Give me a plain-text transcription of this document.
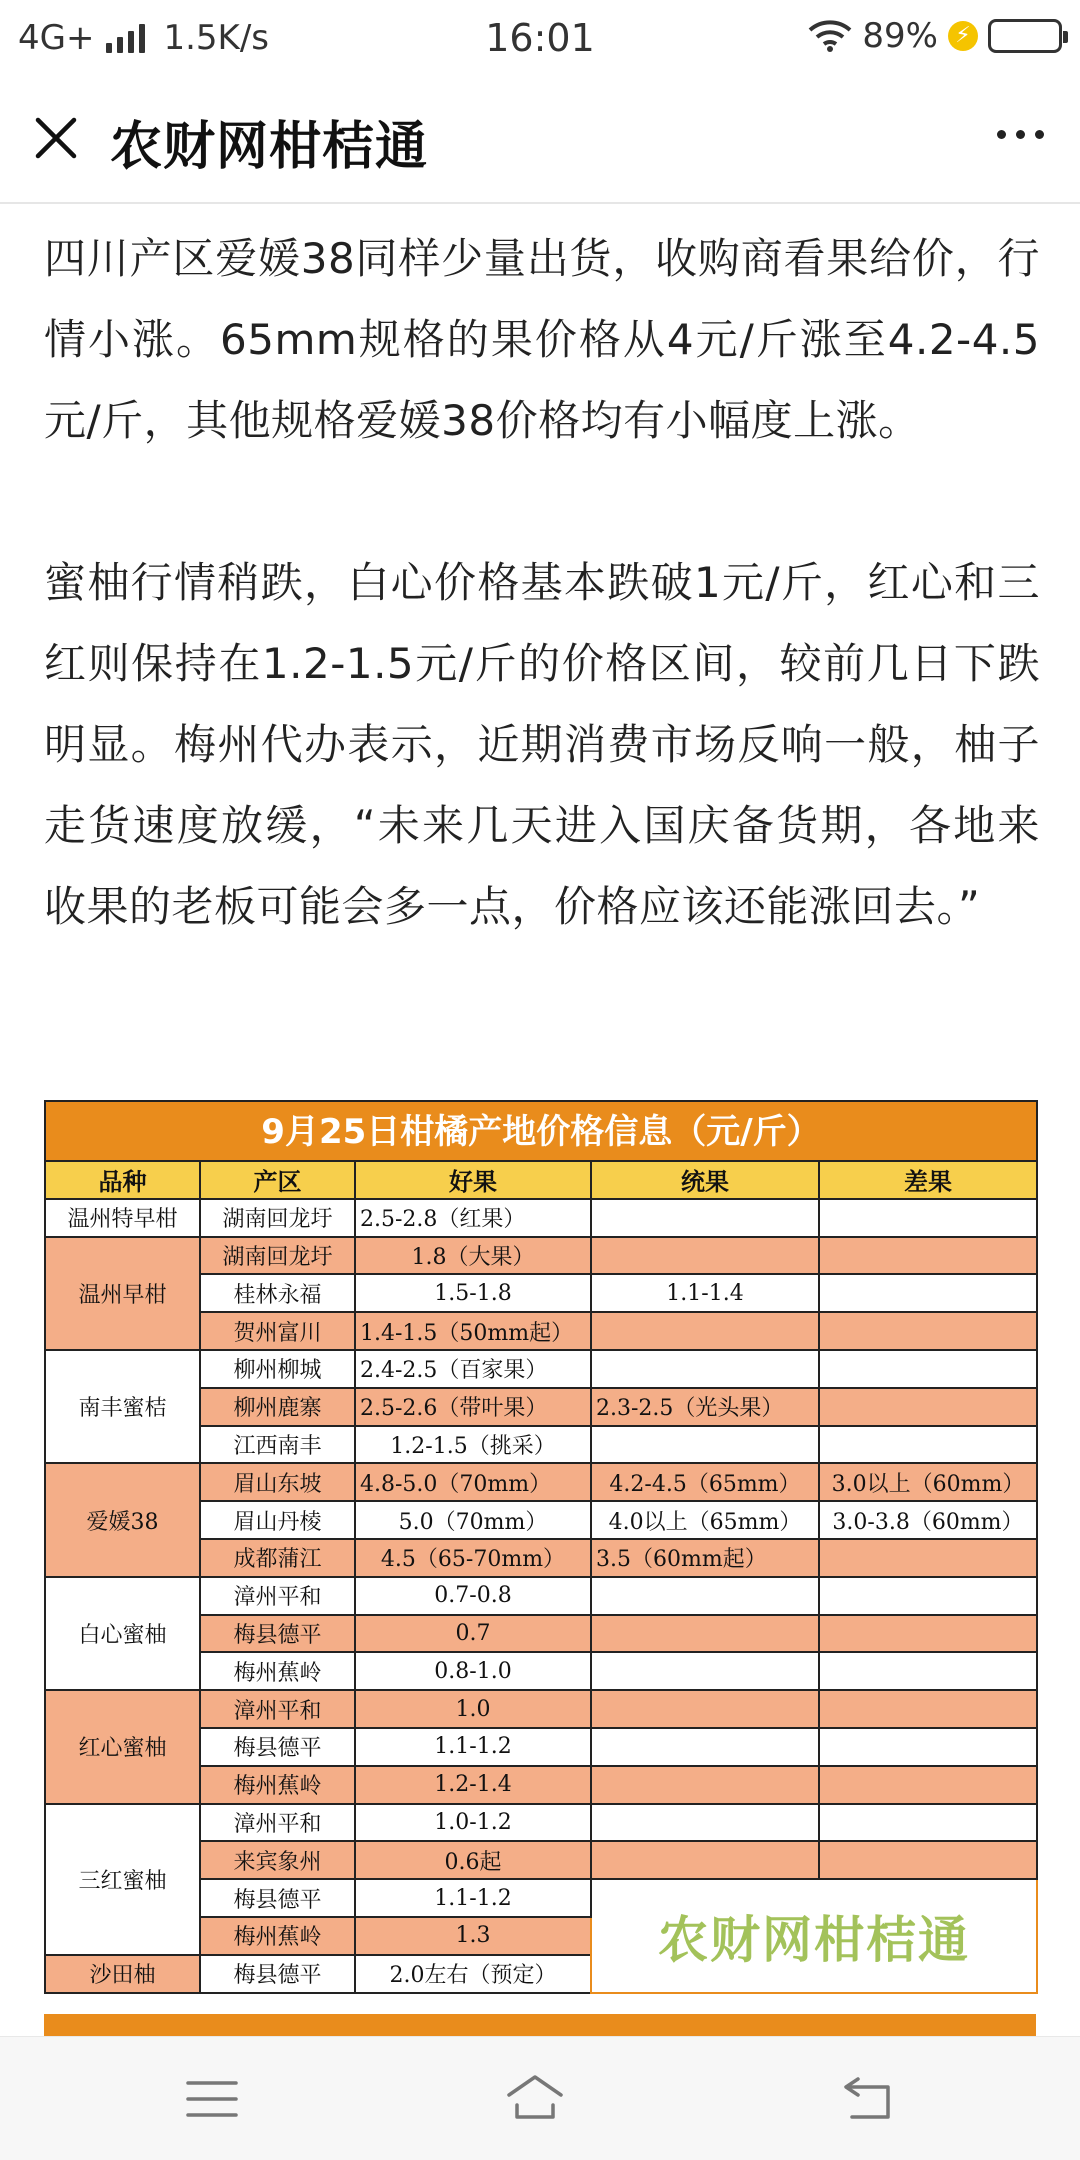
4G+ 1.5K/s	16:01	89% ⚡
农财网柑桔通

四川产区爱媛38同样少量出货，收购商看果给价，行情小涨。65mm规格的果价格从4元/斤涨至4.2-4.5元/斤，其他规格爱媛38价格均有小幅度上涨。

蜜柚行情稍跌，白心价格基本跌破1元/斤，红心和三红则保持在1.2-1.5元/斤的价格区间，较前几日下跌明显。梅州代办表示，近期消费市场反响一般，柚子走货速度放缓，“未来几天进入国庆备货期，各地来收果的老板可能会多一点，价格应该还能涨回去。”

9月25日柑橘产地价格信息（元/斤）
品种	产区	好果	统果	差果
温州特早柑	湖南回龙圩	2.5-2.8（红果）		
温州早柑	湖南回龙圩	1.8（大果）		
	桂林永福	1.5-1.8	1.1-1.4	
	贺州富川	1.4-1.5（50mm起）		
南丰蜜桔	柳州柳城	2.4-2.5（百家果）		
	柳州鹿寨	2.5-2.6（带叶果）	2.3-2.5（光头果）	
	江西南丰	1.2-1.5（挑采）		
爱媛38	眉山东坡	4.8-5.0（70mm）	4.2-4.5（65mm）	3.0以上（60mm）
	眉山丹棱	5.0（70mm）	4.0以上（65mm）	3.0-3.8（60mm）
	成都蒲江	4.5（65-70mm）	3.5（60mm起）	
白心蜜柚	漳州平和	0.7-0.8		
	梅县德平	0.7		
	梅州蕉岭	0.8-1.0		
红心蜜柚	漳州平和	1.0		
	梅县德平	1.1-1.2		
	梅州蕉岭	1.2-1.4		
三红蜜柚	漳州平和	1.0-1.2		
	来宾象州	0.6起		
	梅县德平	1.1-1.2	农财网柑桔通	
	梅州蕉岭	1.3		
沙田柚	梅县德平	2.0左右（预定）		
